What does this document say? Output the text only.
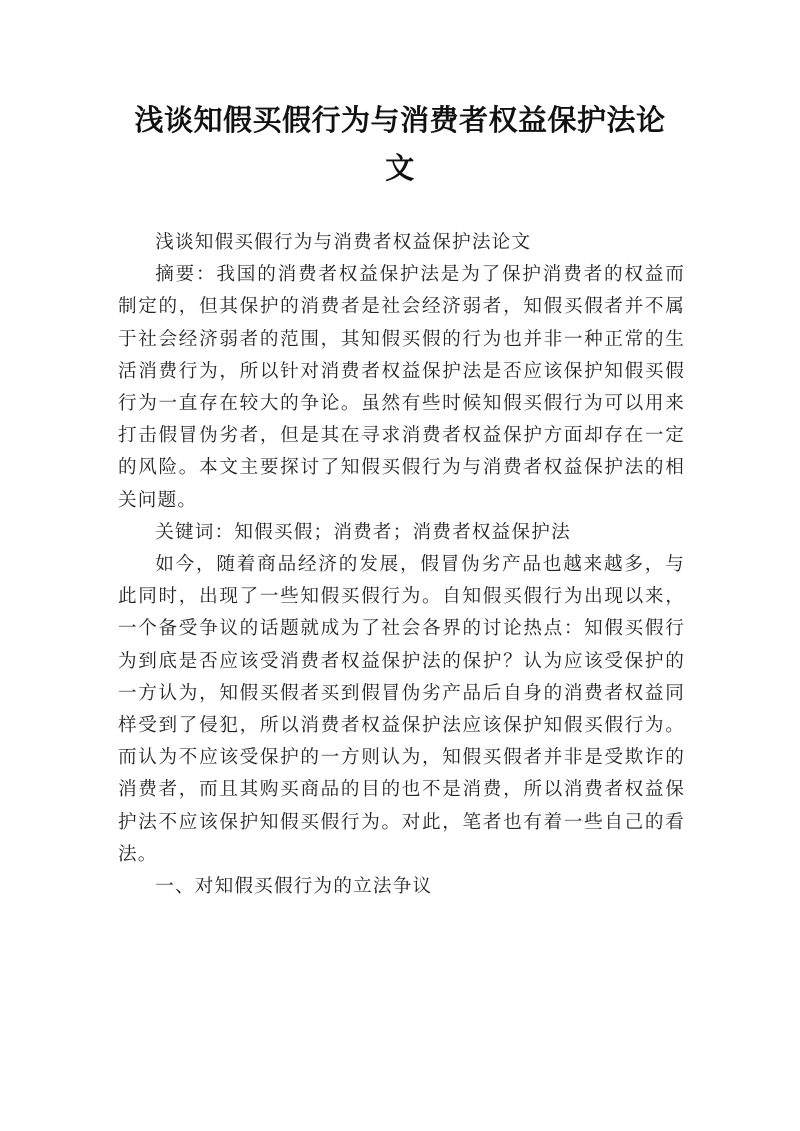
浅谈知假买假行为与消费者权益保护法论文

浅谈知假买假行为与消费者权益保护法论文

摘要：我国的消费者权益保护法是为了保护消费者的权益而制定的，但其保护的消费者是社会经济弱者，知假买假者并不属于社会经济弱者的范围，其知假买假的行为也并非一种正常的生活消费行为，所以针对消费者权益保护法是否应该保护知假买假行为一直存在较大的争论。虽然有些时候知假买假行为可以用来打击假冒伪劣者，但是其在寻求消费者权益保护方面却存在一定的风险。本文主要探讨了知假买假行为与消费者权益保护法的相关问题。

关键词：知假买假；消费者；消费者权益保护法

如今，随着商品经济的发展，假冒伪劣产品也越来越多，与此同时，出现了一些知假买假行为。自知假买假行为出现以来，一个备受争议的话题就成为了社会各界的讨论热点：知假买假行为到底是否应该受消费者权益保护法的保护？认为应该受保护的一方认为，知假买假者买到假冒伪劣产品后自身的消费者权益同样受到了侵犯，所以消费者权益保护法应该保护知假买假行为。而认为不应该受保护的一方则认为，知假买假者并非是受欺诈的消费者，而且其购买商品的目的也不是消费，所以消费者权益保护法不应该保护知假买假行为。对此，笔者也有着一些自己的看法。

一、对知假买假行为的立法争议
